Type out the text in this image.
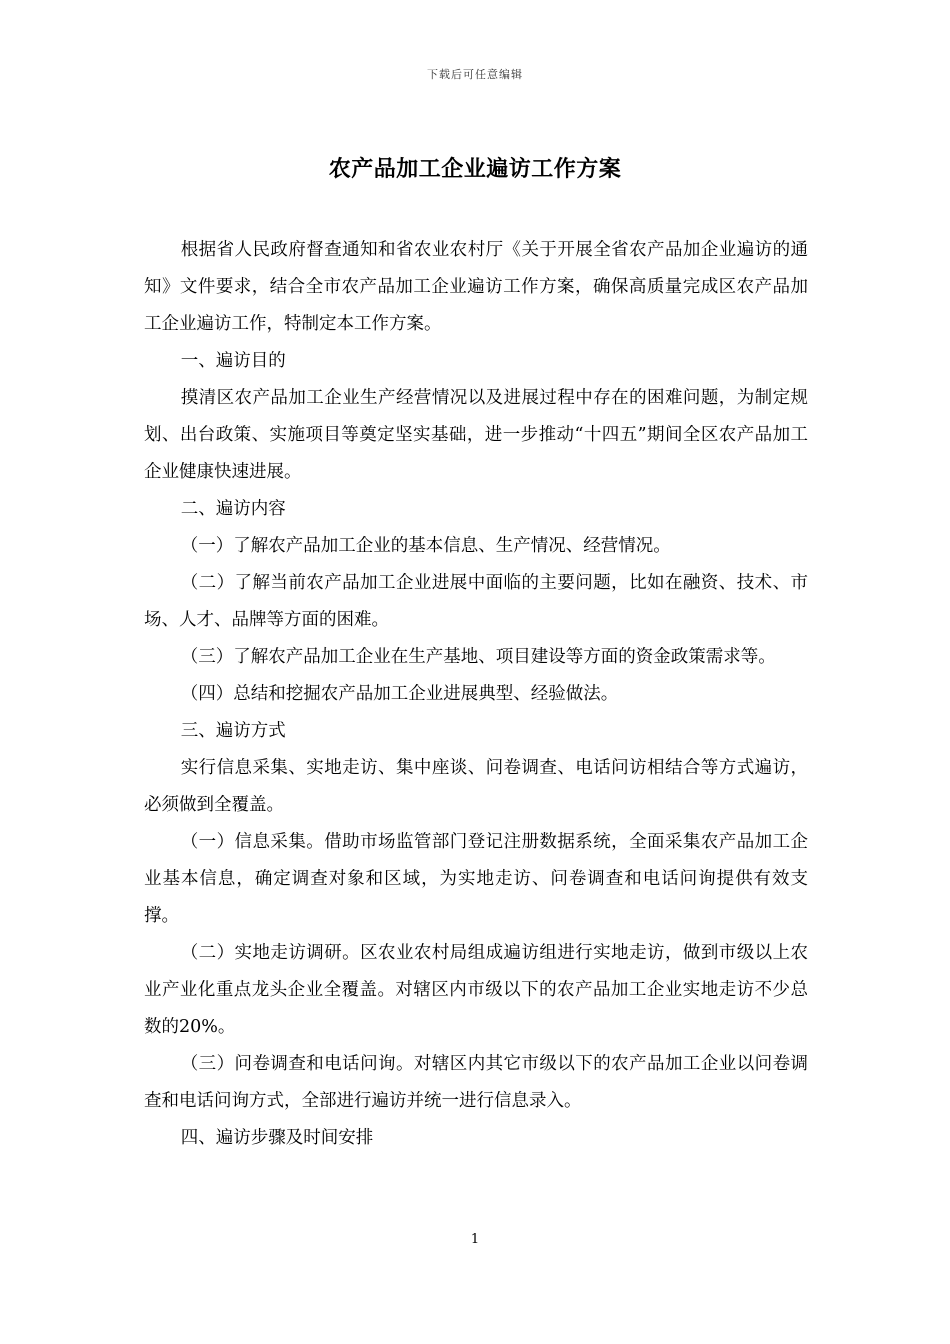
下载后可任意编辑
农产品加工企业遍访工作方案

根据省人民政府督查通知和省农业农村厅《关于开展全省农产品加企业遍访的通知》文件要求，结合全市农产品加工企业遍访工作方案，确保高质量完成区农产品加工企业遍访工作，特制定本工作方案。

一、遍访目的

摸清区农产品加工企业生产经营情况以及进展过程中存在的困难问题，为制定规划、出台政策、实施项目等奠定坚实基础，进一步推动“十四五”期间全区农产品加工企业健康快速进展。

二、遍访内容

（一）了解农产品加工企业的基本信息、生产情况、经营情况。

（二）了解当前农产品加工企业进展中面临的主要问题，比如在融资、技术、市场、人才、品牌等方面的困难。

（三）了解农产品加工企业在生产基地、项目建设等方面的资金政策需求等。

（四）总结和挖掘农产品加工企业进展典型、经验做法。

三、遍访方式

实行信息采集、实地走访、集中座谈、问卷调查、电话问访相结合等方式遍访，必须做到全覆盖。

（一）信息采集。借助市场监管部门登记注册数据系统，全面采集农产品加工企业基本信息，确定调查对象和区域，为实地走访、问卷调查和电话问询提供有效支撑。

（二）实地走访调研。区农业农村局组成遍访组进行实地走访，做到市级以上农业产业化重点龙头企业全覆盖。对辖区内市级以下的农产品加工企业实地走访不少总数的20%。

（三）问卷调查和电话问询。对辖区内其它市级以下的农产品加工企业以问卷调查和电话问询方式，全部进行遍访并统一进行信息录入。

四、遍访步骤及时间安排

1
